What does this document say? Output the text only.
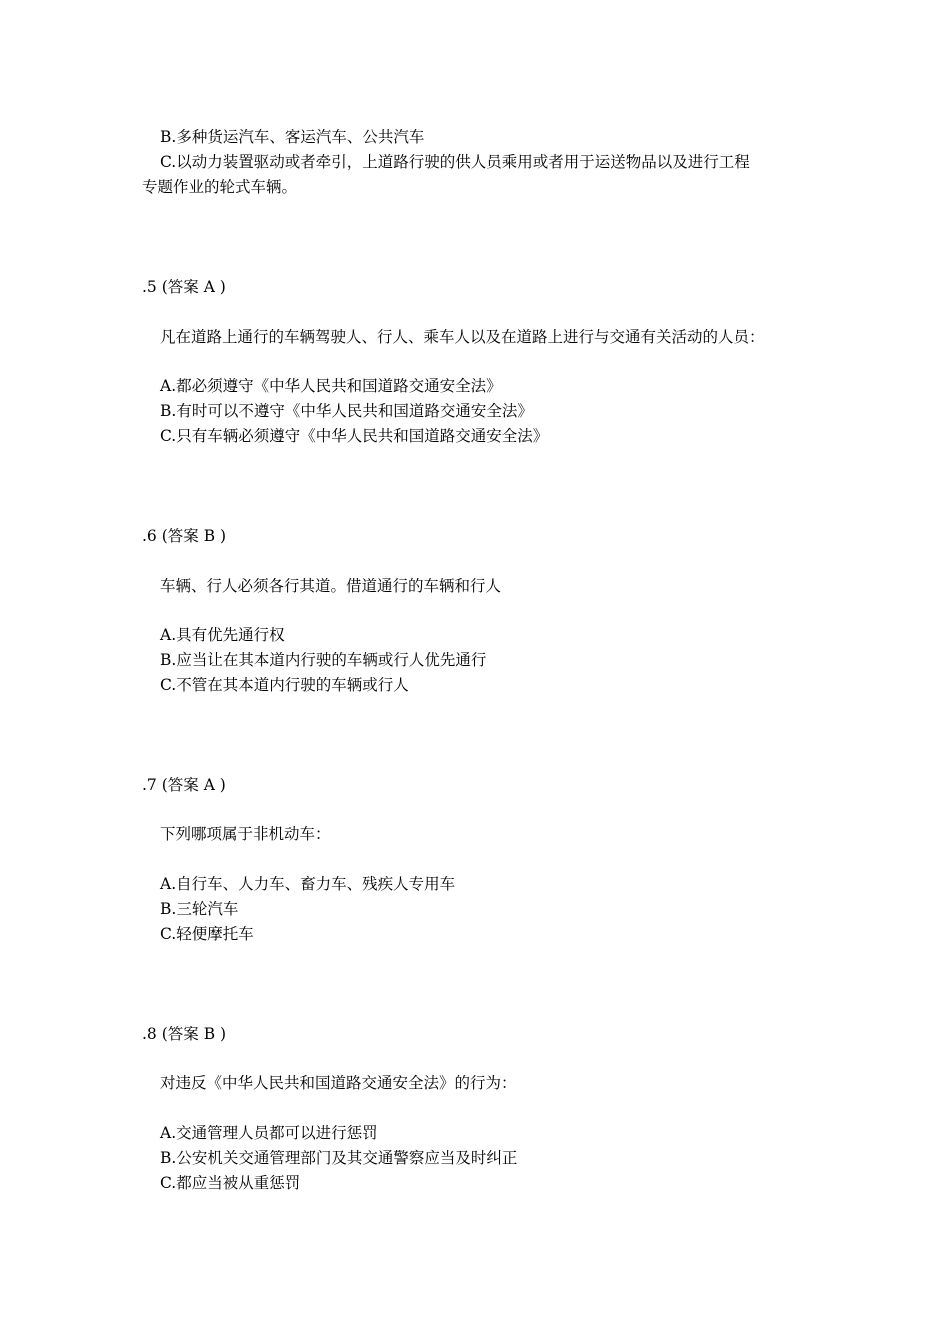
B.多种货运汽车、客运汽车、公共汽车
C.以动力装置驱动或者牵引，上道路行驶的供人员乘用或者用于运送物品以及进行工程
专题作业的轮式车辆。
.5 (答案 A )
凡在道路上通行的车辆驾驶人、行人、乘车人以及在道路上进行与交通有关活动的人员：
A.都必须遵守《中华人民共和国道路交通安全法》
B.有时可以不遵守《中华人民共和国道路交通安全法》
C.只有车辆必须遵守《中华人民共和国道路交通安全法》
.6 (答案 B )
车辆、行人必须各行其道。借道通行的车辆和行人
A.具有优先通行权
B.应当让在其本道内行驶的车辆或行人优先通行
C.不管在其本道内行驶的车辆或行人
.7 (答案 A )
下列哪项属于非机动车：
A.自行车、人力车、畜力车、残疾人专用车
B.三轮汽车
C.轻便摩托车
.8 (答案 B )
对违反《中华人民共和国道路交通安全法》的行为：
A.交通管理人员都可以进行惩罚
B.公安机关交通管理部门及其交通警察应当及时纠正
C.都应当被从重惩罚
